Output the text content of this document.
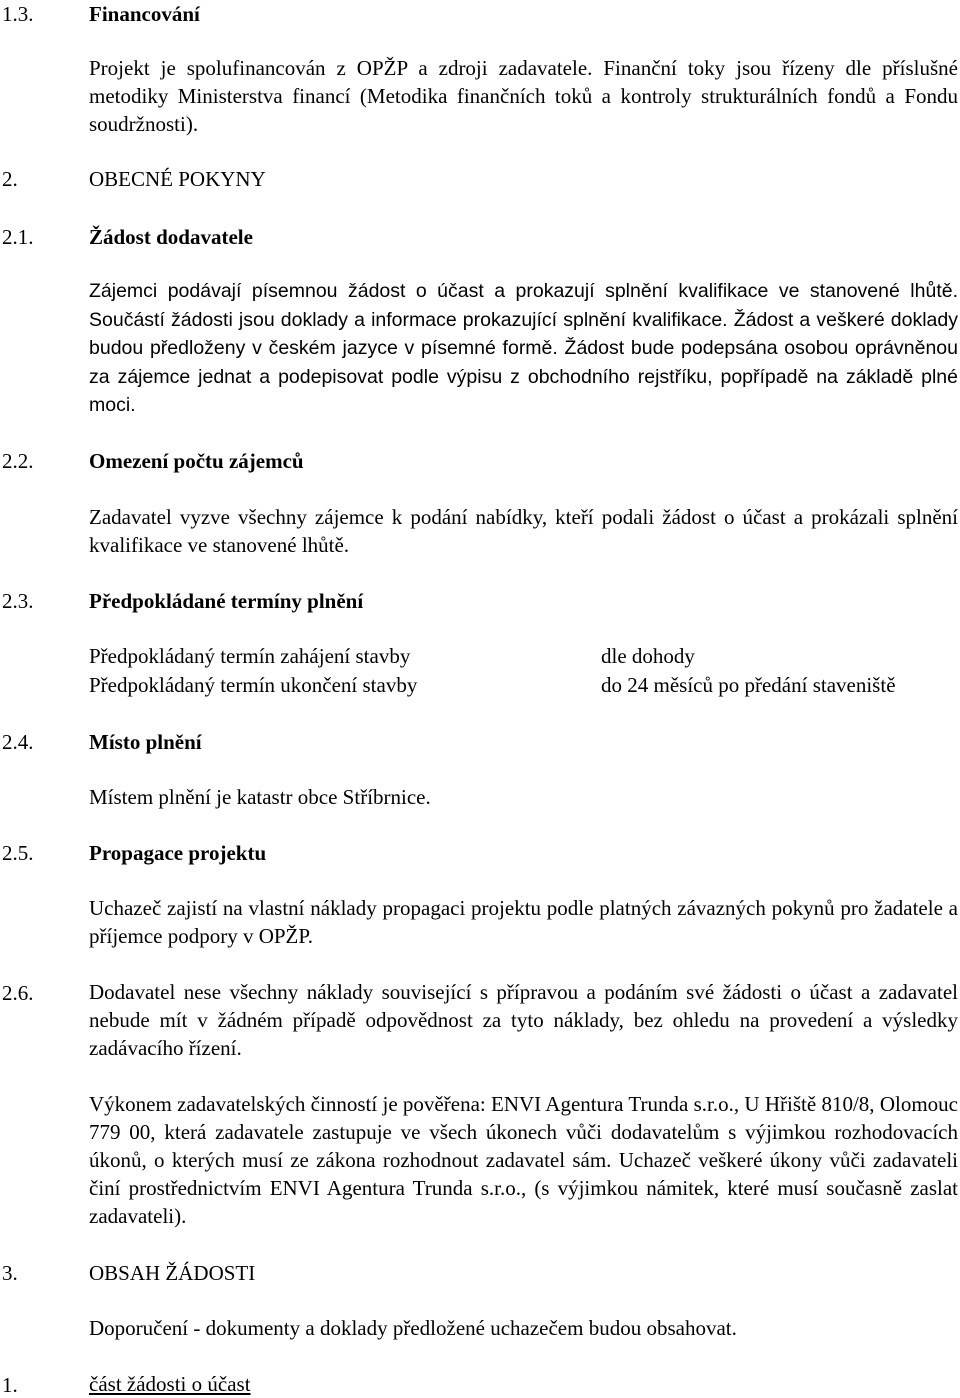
1.3.	Financování
Projekt je spolufinancován z OPŽP a zdroji zadavatele. Finanční toky jsou řízeny dle příslušné metodiky Ministerstva financí (Metodika finančních toků a kontroly strukturálních fondů a Fondu soudržnosti).
2.	OBECNÉ POKYNY
2.1.	Žádost dodavatele
Zájemci podávají písemnou žádost o účast a prokazují splnění kvalifikace ve stanovené lhůtě. Součástí žádosti jsou doklady a informace prokazující splnění kvalifikace. Žádost a veškeré doklady budou předloženy v českém jazyce v písemné formě. Žádost bude podepsána osobou oprávněnou za zájemce jednat a podepisovat podle výpisu z obchodního rejstříku, popřípadě na základě plné moci.
2.2.	Omezení počtu zájemců
Zadavatel vyzve všechny zájemce k podání nabídky, kteří podali žádost o účast a prokázali splnění kvalifikace ve stanovené lhůtě.
2.3.	Předpokládané termíny plnění
Předpokládaný termín zahájení stavby	dle dohody
Předpokládaný termín ukončení stavby	do 24 měsíců po předání staveniště
2.4.	Místo plnění
Místem plnění je katastr obce Stříbrnice.
2.5.	Propagace projektu
Uchazeč zajistí na vlastní náklady propagaci projektu podle platných závazných pokynů pro žadatele a příjemce podpory v OPŽP.
2.6.	Dodavatel nese všechny náklady související s přípravou a podáním své žádosti o účast a zadavatel nebude mít v žádném případě odpovědnost za tyto náklady, bez ohledu na provedení a výsledky zadávacího řízení.
Výkonem zadavatelských činností je pověřena: ENVI Agentura Trunda s.r.o., U Hřiště 810/8, Olomouc 779 00, která zadavatele zastupuje ve všech úkonech vůči dodavatelům s výjimkou rozhodovacích úkonů, o kterých musí ze zákona rozhodnout zadavatel sám. Uchazeč veškeré úkony vůči zadavateli činí prostřednictvím ENVI Agentura Trunda s.r.o., (s výjimkou námitek, které musí současně zaslat zadavateli).
3.	OBSAH ŽÁDOSTI
Doporučení - dokumenty a doklady předložené uchazečem budou obsahovat.
1.	část žádosti o účast
